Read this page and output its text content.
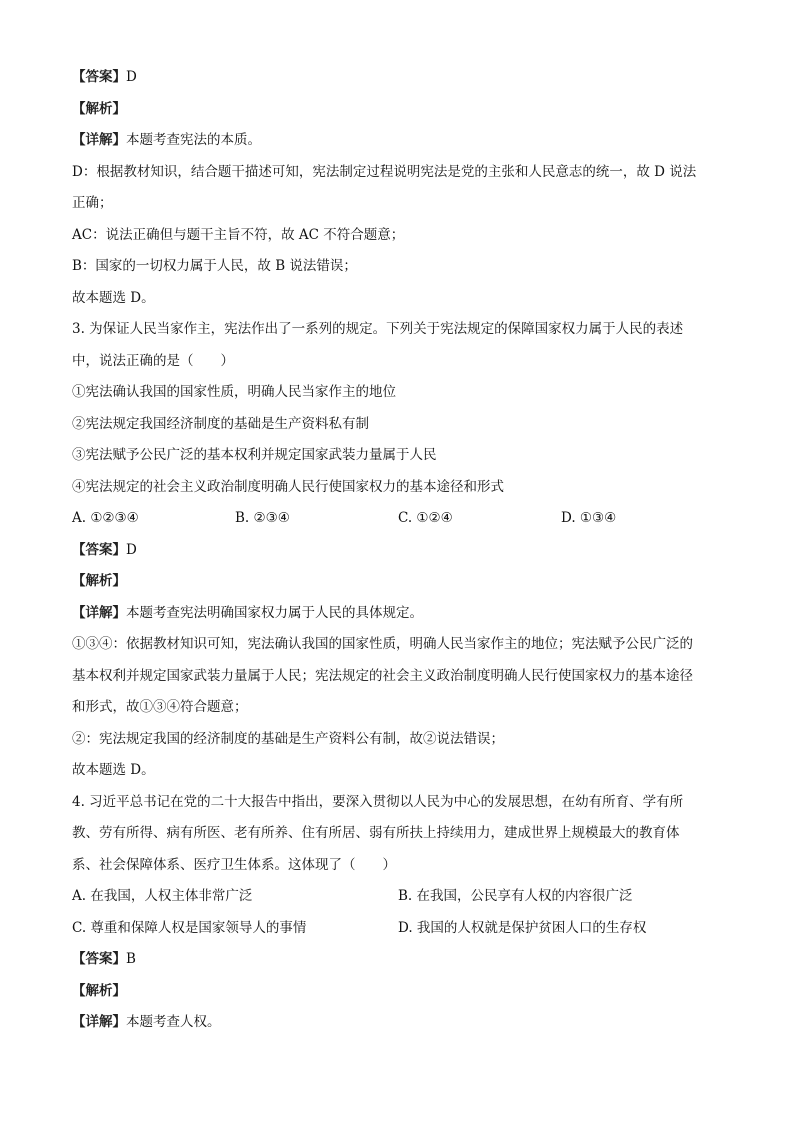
【答案】D
【解析】
【详解】本题考查宪法的本质。
D：根据教材知识，结合题干描述可知，宪法制定过程说明宪法是党的主张和人民意志的统一，故 D 说法
正确；
AC：说法正确但与题干主旨不符，故 AC 不符合题意；
B：国家的一切权力属于人民，故 B 说法错误；
故本题选 D。
3. 为保证人民当家作主，宪法作出了一系列的规定。下列关于宪法规定的保障国家权力属于人民的表述
中，说法正确的是（　　）
①宪法确认我国的国家性质，明确人民当家作主的地位
②宪法规定我国经济制度的基础是生产资料私有制
③宪法赋予公民广泛的基本权利并规定国家武装力量属于人民
④宪法规定的社会主义政治制度明确人民行使国家权力的基本途径和形式
A. ①②③④	B. ②③④	C. ①②④	D. ①③④
【答案】D
【解析】
【详解】本题考查宪法明确国家权力属于人民的具体规定。
①③④：依据教材知识可知，宪法确认我国的国家性质，明确人民当家作主的地位；宪法赋予公民广泛的
基本权利并规定国家武装力量属于人民；宪法规定的社会主义政治制度明确人民行使国家权力的基本途径
和形式，故①③④符合题意；
②：宪法规定我国的经济制度的基础是生产资料公有制，故②说法错误；
故本题选 D。
4. 习近平总书记在党的二十大报告中指出，要深入贯彻以人民为中心的发展思想，在幼有所育、学有所
教、劳有所得、病有所医、老有所养、住有所居、弱有所扶上持续用力，建成世界上规模最大的教育体
系、社会保障体系、医疗卫生体系。这体现了（　　）
A. 在我国，人权主体非常广泛	B. 在我国，公民享有人权的内容很广泛
C. 尊重和保障人权是国家领导人的事情	D. 我国的人权就是保护贫困人口的生存权
【答案】B
【解析】
【详解】本题考查人权。
